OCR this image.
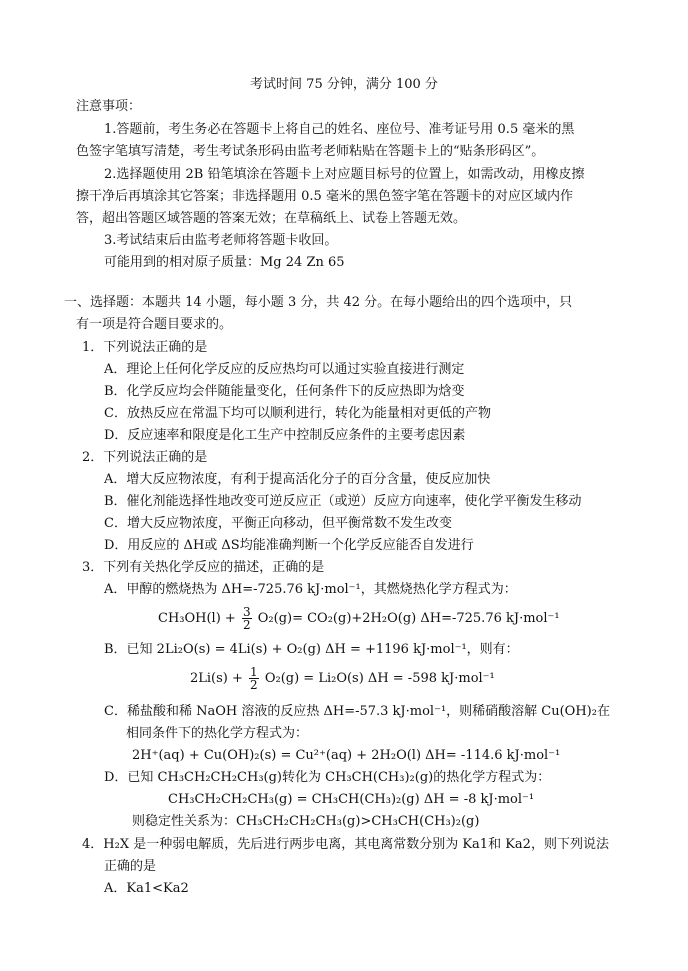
考试时间 75 分钟，满分 100 分
注意事项：
1.答题前，考生务必在答题卡上将自己的姓名、座位号、准考证号用 0.5 毫米的黑
色签字笔填写清楚，考生考试条形码由监考老师粘贴在答题卡上的“贴条形码区”。
2.选择题使用 2B 铅笔填涂在答题卡上对应题目标号的位置上，如需改动，用橡皮擦
擦干净后再填涂其它答案；非选择题用 0.5 毫米的黑色签字笔在答题卡的对应区域内作
答，超出答题区域答题的答案无效；在草稿纸上、试卷上答题无效。
3.考试结束后由监考老师将答题卡收回。
可能用到的相对原子质量：Mg 24 Zn 65
一、选择题：本题共 14 小题，每小题 3 分，共 42 分。在每小题给出的四个选项中，只
有一项是符合题目要求的。
1．下列说法正确的是
A．理论上任何化学反应的反应热均可以通过实验直接进行测定
B．化学反应均会伴随能量变化，任何条件下的反应热即为焓变
C．放热反应在常温下均可以顺利进行，转化为能量相对更低的产物
D．反应速率和限度是化工生产中控制反应条件的主要考虑因素
2．下列说法正确的是
A．增大反应物浓度，有利于提高活化分子的百分含量，使反应加快
B．催化剂能选择性地改变可逆反应正（或逆）反应方向速率，使化学平衡发生移动
C．增大反应物浓度，平衡正向移动，但平衡常数不发生改变
D．用反应的 ΔH或 ΔS均能准确判断一个化学反应能否自发进行
3．下列有关热化学反应的描述，正确的是
A．甲醇的燃烧热为 ΔH=-725.76 kJ·mol⁻¹，其燃烧热化学方程式为：
$CH_3OH(l) + \frac{3}{2} O_2(g)= CO_2(g)+2H_2O(g)$ ΔH=-725.76 kJ·mol⁻¹
B．已知 2Li₂O(s) = 4Li(s) + O₂(g) ΔH = +1196 kJ·mol⁻¹，则有：
$2Li(s) + \frac{1}{2} O_2(g) = Li_2O(s) \Delta H = -598$ kJ·mol⁻¹
C．稀盐酸和稀 NaOH 溶液的反应热 ΔH=-57.3 kJ·mol⁻¹，则稀硝酸溶解 Cu(OH)₂在
相同条件下的热化学方程式为：
2H⁺(aq) + Cu(OH)₂(s) = Cu²⁺(aq) + 2H₂O(l) ΔH= -114.6 kJ·mol⁻¹
D．已知 CH₃CH₂CH₂CH₃(g)转化为 CH₃CH(CH₃)₂(g)的热化学方程式为：
CH₃CH₂CH₂CH₃(g) = CH₃CH(CH₃)₂(g) ΔH = -8 kJ·mol⁻¹
则稳定性关系为：CH₃CH₂CH₂CH₃(g)>CH₃CH(CH₃)₂(g)
4．H₂X 是一种弱电解质，先后进行两步电离，其电离常数分别为 Ka1和 Ka2，则下列说法
正确的是
A．Ka1<Ka2
